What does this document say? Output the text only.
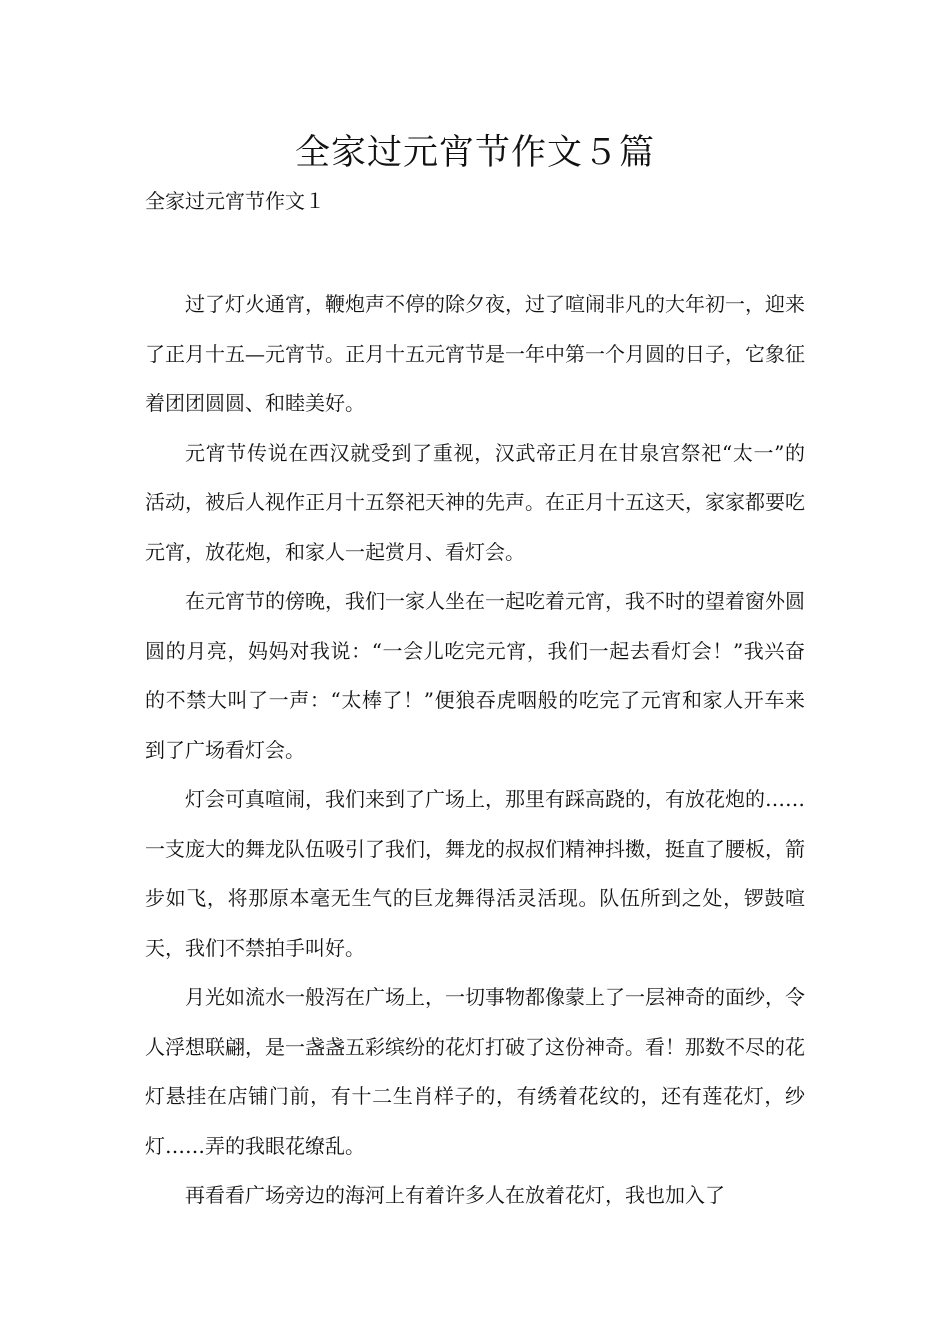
全家过元宵节作文５篇

全家过元宵节作文１

过了灯火通宵，鞭炮声不停的除夕夜，过了喧闹非凡的大年初一，迎来了正月十五—元宵节。正月十五元宵节是一年中第一个月圆的日子，它象征着团团圆圆、和睦美好。

元宵节传说在西汉就受到了重视，汉武帝正月在甘泉宫祭祀“太一”的活动，被后人视作正月十五祭祀天神的先声。在正月十五这天，家家都要吃元宵，放花炮，和家人一起赏月、看灯会。

在元宵节的傍晚，我们一家人坐在一起吃着元宵，我不时的望着窗外圆圆的月亮，妈妈对我说：“一会儿吃完元宵，我们一起去看灯会！”我兴奋的不禁大叫了一声：“太棒了！”便狼吞虎咽般的吃完了元宵和家人开车来到了广场看灯会。

灯会可真喧闹，我们来到了广场上，那里有踩高跷的，有放花炮的……一支庞大的舞龙队伍吸引了我们，舞龙的叔叔们精神抖擞，挺直了腰板，箭步如飞，将那原本毫无生气的巨龙舞得活灵活现。队伍所到之处，锣鼓喧天，我们不禁拍手叫好。

月光如流水一般泻在广场上，一切事物都像蒙上了一层神奇的面纱，令人浮想联翩，是一盏盏五彩缤纷的花灯打破了这份神奇。看！那数不尽的花灯悬挂在店铺门前，有十二生肖样子的，有绣着花纹的，还有莲花灯，纱灯……弄的我眼花缭乱。

再看看广场旁边的海河上有着许多人在放着花灯，我也加入了
